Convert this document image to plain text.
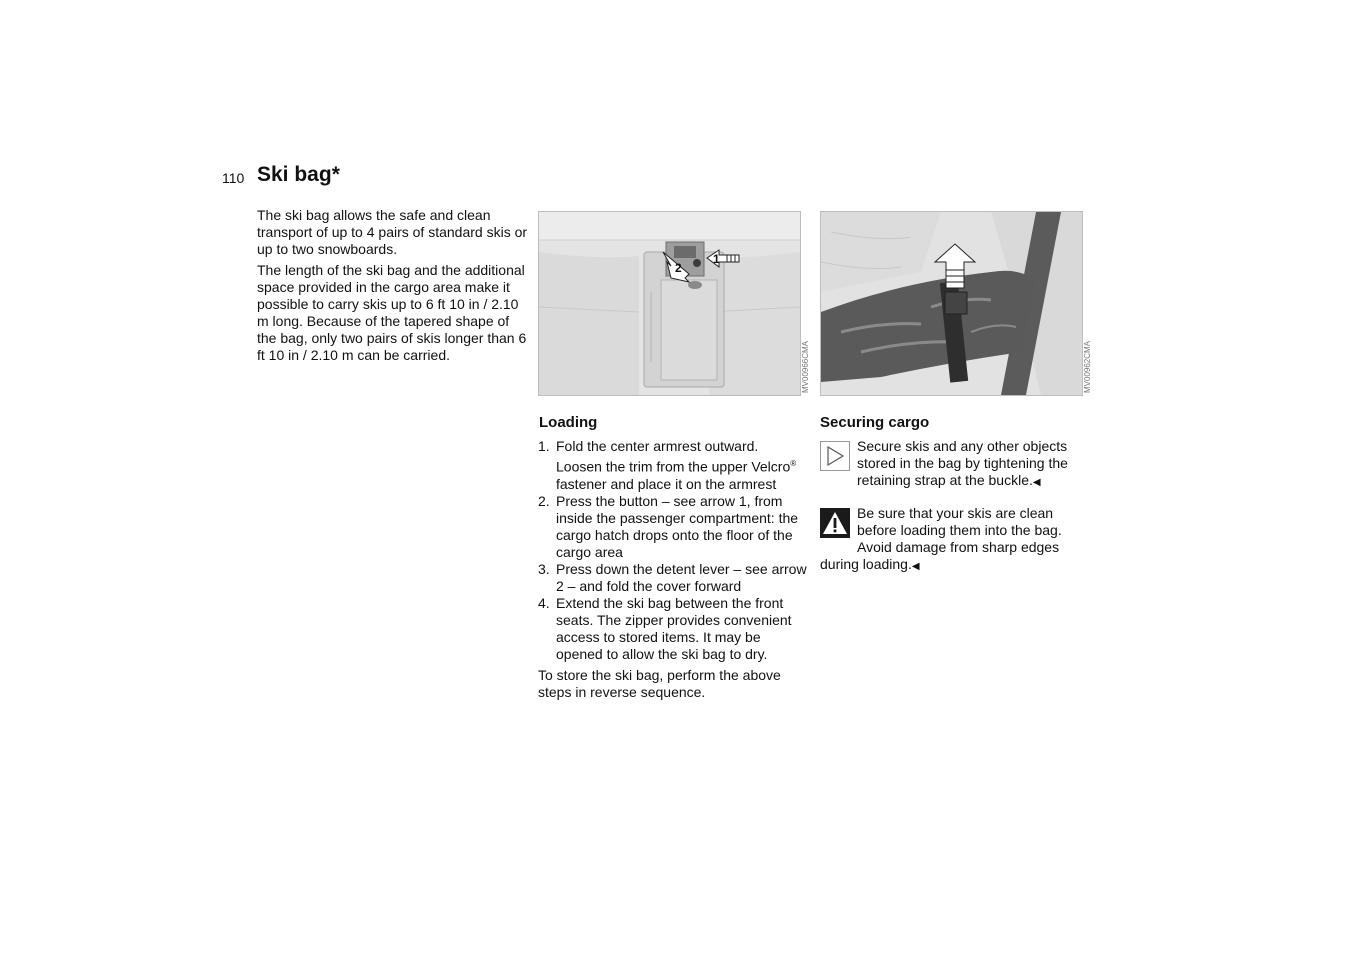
110 Ski bag*

The ski bag allows the safe and clean transport of up to 4 pairs of standard skis or up to two snowboards.

The length of the ski bag and the additional space provided in the cargo area make it possible to carry skis up to 6 ft 10 in / 2.10 m long. Because of the tapered shape of the bag, only two pairs of skis longer than 6 ft 10 in / 2.10 m can be carried.

1
2
MV00966CMA	MV00962CMA
Loading
1. Fold the center armrest outward. Loosen the trim from the upper Velcro® fastener and place it on the armrest
2. Press the button – see arrow 1, from inside the passenger compartment: the cargo hatch drops onto the floor of the cargo area
3. Press down the detent lever – see arrow 2 – and fold the cover forward
4. Extend the ski bag between the front seats. The zipper provides convenient access to stored items. It may be opened to allow the ski bag to dry.

To store the ski bag, perform the above steps in reverse sequence.

Securing cargo
Secure skis and any other objects stored in the bag by tightening the retaining strap at the buckle.◀
Be sure that your skis are clean before loading them into the bag. Avoid damage from sharp edges during loading.◀
